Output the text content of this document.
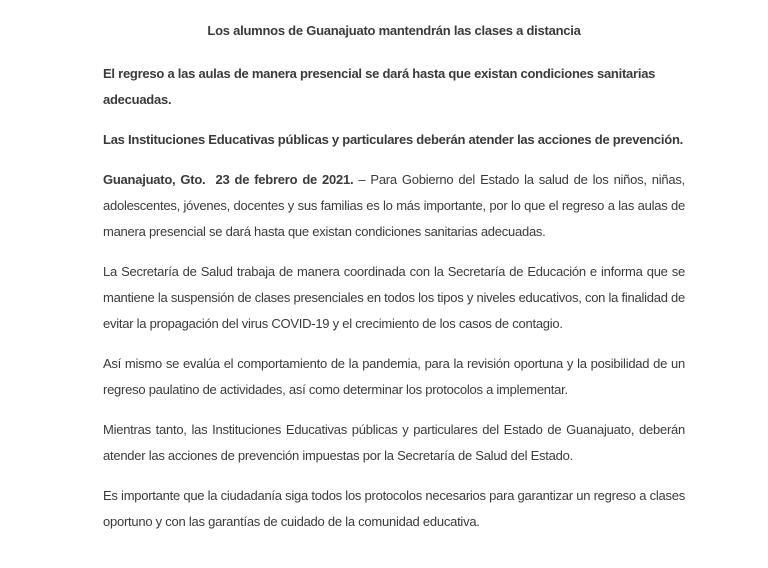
Los alumnos de Guanajuato mantendrán las clases a distancia

El regreso a las aulas de manera presencial se dará hasta que existan condiciones sanitarias adecuadas.

Las Instituciones Educativas públicas y particulares deberán atender las acciones de prevención.

Guanajuato, Gto.  23 de febrero de 2021. – Para Gobierno del Estado la salud de los niños, niñas, adolescentes, jóvenes, docentes y sus familias es lo más importante, por lo que el regreso a las aulas de manera presencial se dará hasta que existan condiciones sanitarias adecuadas.

La Secretaría de Salud trabaja de manera coordinada con la Secretaría de Educación e informa que se mantiene la suspensión de clases presenciales en todos los tipos y niveles educativos, con la finalidad de evitar la propagación del virus COVID-19 y el crecimiento de los casos de contagio.

Así mismo se evalúa el comportamiento de la pandemia, para la revisión oportuna y la posibilidad de un regreso paulatino de actividades, así como determinar los protocolos a implementar.

Mientras tanto, las Instituciones Educativas públicas y particulares del Estado de Guanajuato, deberán atender las acciones de prevención impuestas por la Secretaría de Salud del Estado.

Es importante que la ciudadanía siga todos los protocolos necesarios para garantizar un regreso a clases oportuno y con las garantías de cuidado de la comunidad educativa.
